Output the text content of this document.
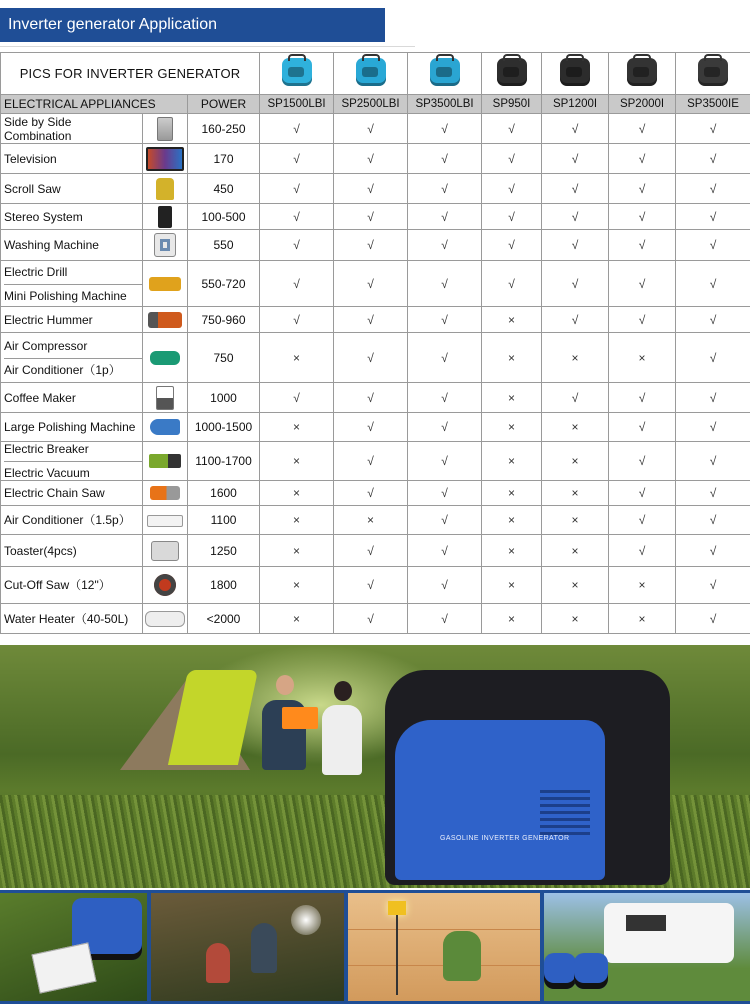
Inverter generator Application
PICS FOR INVERTER GENERATOR									
ELECTRICAL APPLIANCES		POWER	SP1500LBI	SP2500LBI	SP3500LBI	SP950I	SP1200I	SP2000I	SP3500IE

Side by Side Combination		160-250	√	√	√	√	√	√	√

Television		170	√	√	√	√	√	√	√

Scroll Saw		450	√	√	√	√	√	√	√

Stereo System		100-500	√	√	√	√	√	√	√

Washing Machine		550	√	√	√	√	√	√	√

Electric Drill
Mini Polishing Machine		550-720	√	√	√	√	√	√	√

Electric Hummer		750-960	√	√	√	×	√	√	√

Air Compressor
Air Conditioner（1p）		750	×	√	√	×	×	×	√

Coffee Maker		1000	√	√	√	×	√	√	√

Large Polishing Machine		1000-1500	×	√	√	×	×	√	√

Electric Breaker
Electric Vacuum		1100-1700	×	√	√	×	×	√	√

Electric Chain Saw		1600	×	√	√	×	×	√	√

Air Conditioner（1.5p）		1100	×	×	√	×	×	√	√

Toaster(4pcs)		1250	×	√	√	×	×	√	√

Cut-Off Saw（12"）		1800	×	√	√	×	×	×	√

Water Heater（40-50L)		<2000	×	√	√	×	×	×	√
GASOLINE INVERTER GENERATOR
